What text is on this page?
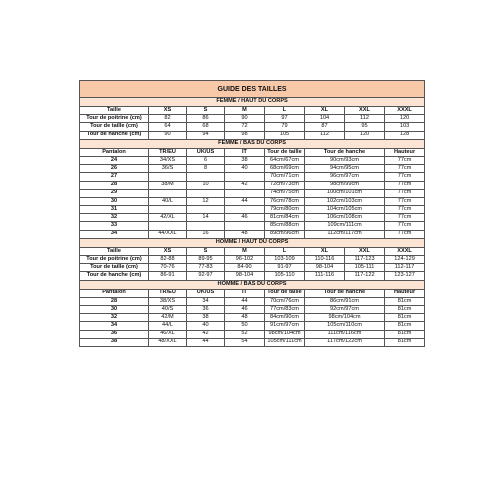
GUIDE DES TAILLES							
FEMME / HAUT DU CORPS							
Taille	XS	S	M	L	XL	XXL	XXXL
Tour de poitrine (cm)	82	86	90	97	104	112	120
Tour de taille (cm)	64	68	72	79	87	95	103
Tour de hanche (cm)	90	94	98	105	112	120	128
FEMME / BAS DU CORPS							
Pantalon	TR/EU	UK/US	IT	Tour de taille	Tour de hanche		Hauteur
24	34/XS	6	38	64cm/67cm	90cm/93cm		77cm
26	36/S	8	40	68cm/69cm	94cm/95cm		77cm
27				70cm/71cm	96cm/97cm		77cm
28	38/M	10	42	72cm/73cm	98cm/99cm		77cm
29				74cm/75cm	100cm/101cm		77cm
30	40/L	12	44	76cm/78cm	102cm/103cm		77cm
31				79cm/80cm	104cm/105cm		77cm
32	42/XL	14	46	81cm/84cm	106cm/108cm		77cm
33				85cm/88cm	109cm/111cm		77cm
34	44/XXL	16	48	89cm/96cm	112cm/117cm		77cm
HOMME / HAUT DU CORPS							
Taille	XS	S	M	L	XL	XXL	XXXL
Tour de poitrine (cm)	82-88	89-95	96-102	103-109	110-116	117-123	124-129
Tour de taille (cm)	70-76	77-83	84-90	91-97	98-104	105-111	112-117
Tour de hanche (cm)	86-91	92-97	98-104	105-110	111-116	117-122	123-127
HOMME / BAS DU CORPS							
Pantalon	TR/EU	UK/US	IT	Tour de taille	Tour de hanche		Hauteur
28	38/XS	34	44	70cm/76cm	86cm/91cm		81cm
30	40/S	36	46	77cm/83cm	92cm/97cm		81cm
32	42/M	38	48	84cm/90cm	98cm/104cm		81cm
34	44/L	40	50	91cm/97cm	105cm/110cm		81cm
36	46/XL	42	52	98cm/104cm	111cm/116cm		81cm
38	48/XXL	44	54	105cm/111cm	117cm/122cm		81cm
